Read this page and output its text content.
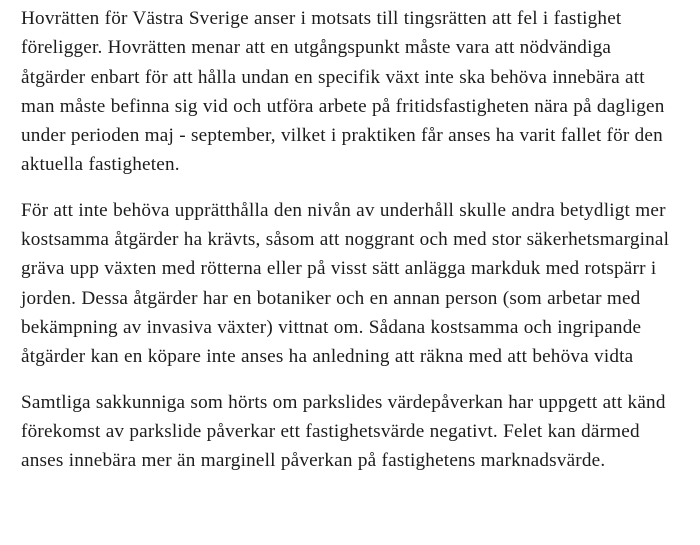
Hovrätten för Västra Sverige anser i motsats till tingsrätten att fel i fastighet föreligger. Hovrätten menar att en utgångspunkt måste vara att nödvändiga åtgärder enbart för att hålla undan en specifik växt inte ska behöva innebära att man måste befinna sig vid och utföra arbete på fritidsfastigheten nära på dagligen under perioden maj - september, vilket i praktiken får anses ha varit fallet för den aktuella fastigheten.

För att inte behöva upprätthålla den nivån av underhåll skulle andra betydligt mer kostsamma åtgärder ha krävts, såsom att noggrant och med stor säkerhetsmarginal gräva upp växten med rötterna eller på visst sätt anlägga markduk med rotspärr i jorden. Dessa åtgärder har en botaniker och en annan person (som arbetar med bekämpning av invasiva växter) vittnat om. Sådana kostsamma och ingripande åtgärder kan en köpare inte anses ha anledning att räkna med att behöva vidta

Samtliga sakkunniga som hörts om parkslides värdepåverkan har uppgett att känd förekomst av parkslide påverkar ett fastighetsvärde negativt. Felet kan därmed anses innebära mer än marginell påverkan på fastighetens marknadsvärde.
